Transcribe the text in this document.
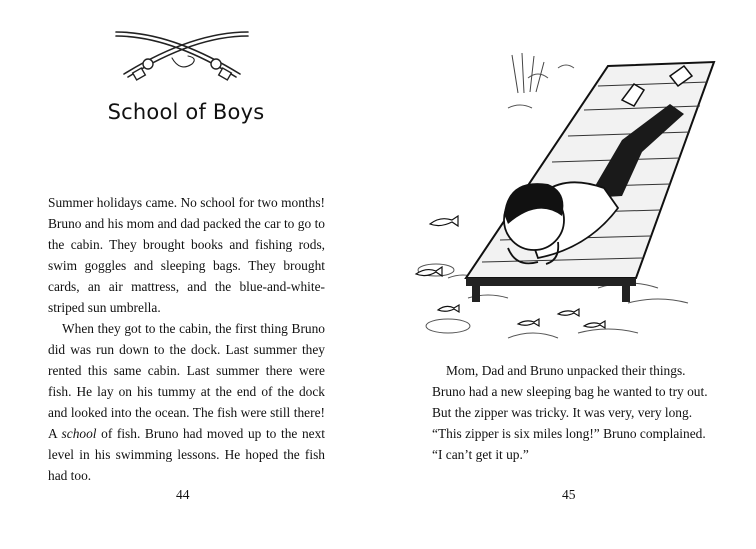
School of Boys

Summer holidays came. No school for two months! Bruno and his mom and dad packed the car to go to the cabin. They brought books and fishing rods, swim goggles and sleeping bags. They brought cards, an air mattress, and the blue-and-white-striped sun umbrella.

When they got to the cabin, the first thing Bruno did was run down to the dock. Last summer they rented this same cabin. Last summer there were fish. He lay on his tummy at the end of the dock and looked into the ocean. The fish were still there! A school of fish. Bruno had moved up to the next level in his swimming lessons. He hoped the fish had too.

44

Mom, Dad and Bruno unpacked their things. Bruno had a new sleeping bag he wanted to try out. But the zipper was tricky. It was very, very long. “This zipper is six miles long!” Bruno complained. “I can’t get it up.”

45
